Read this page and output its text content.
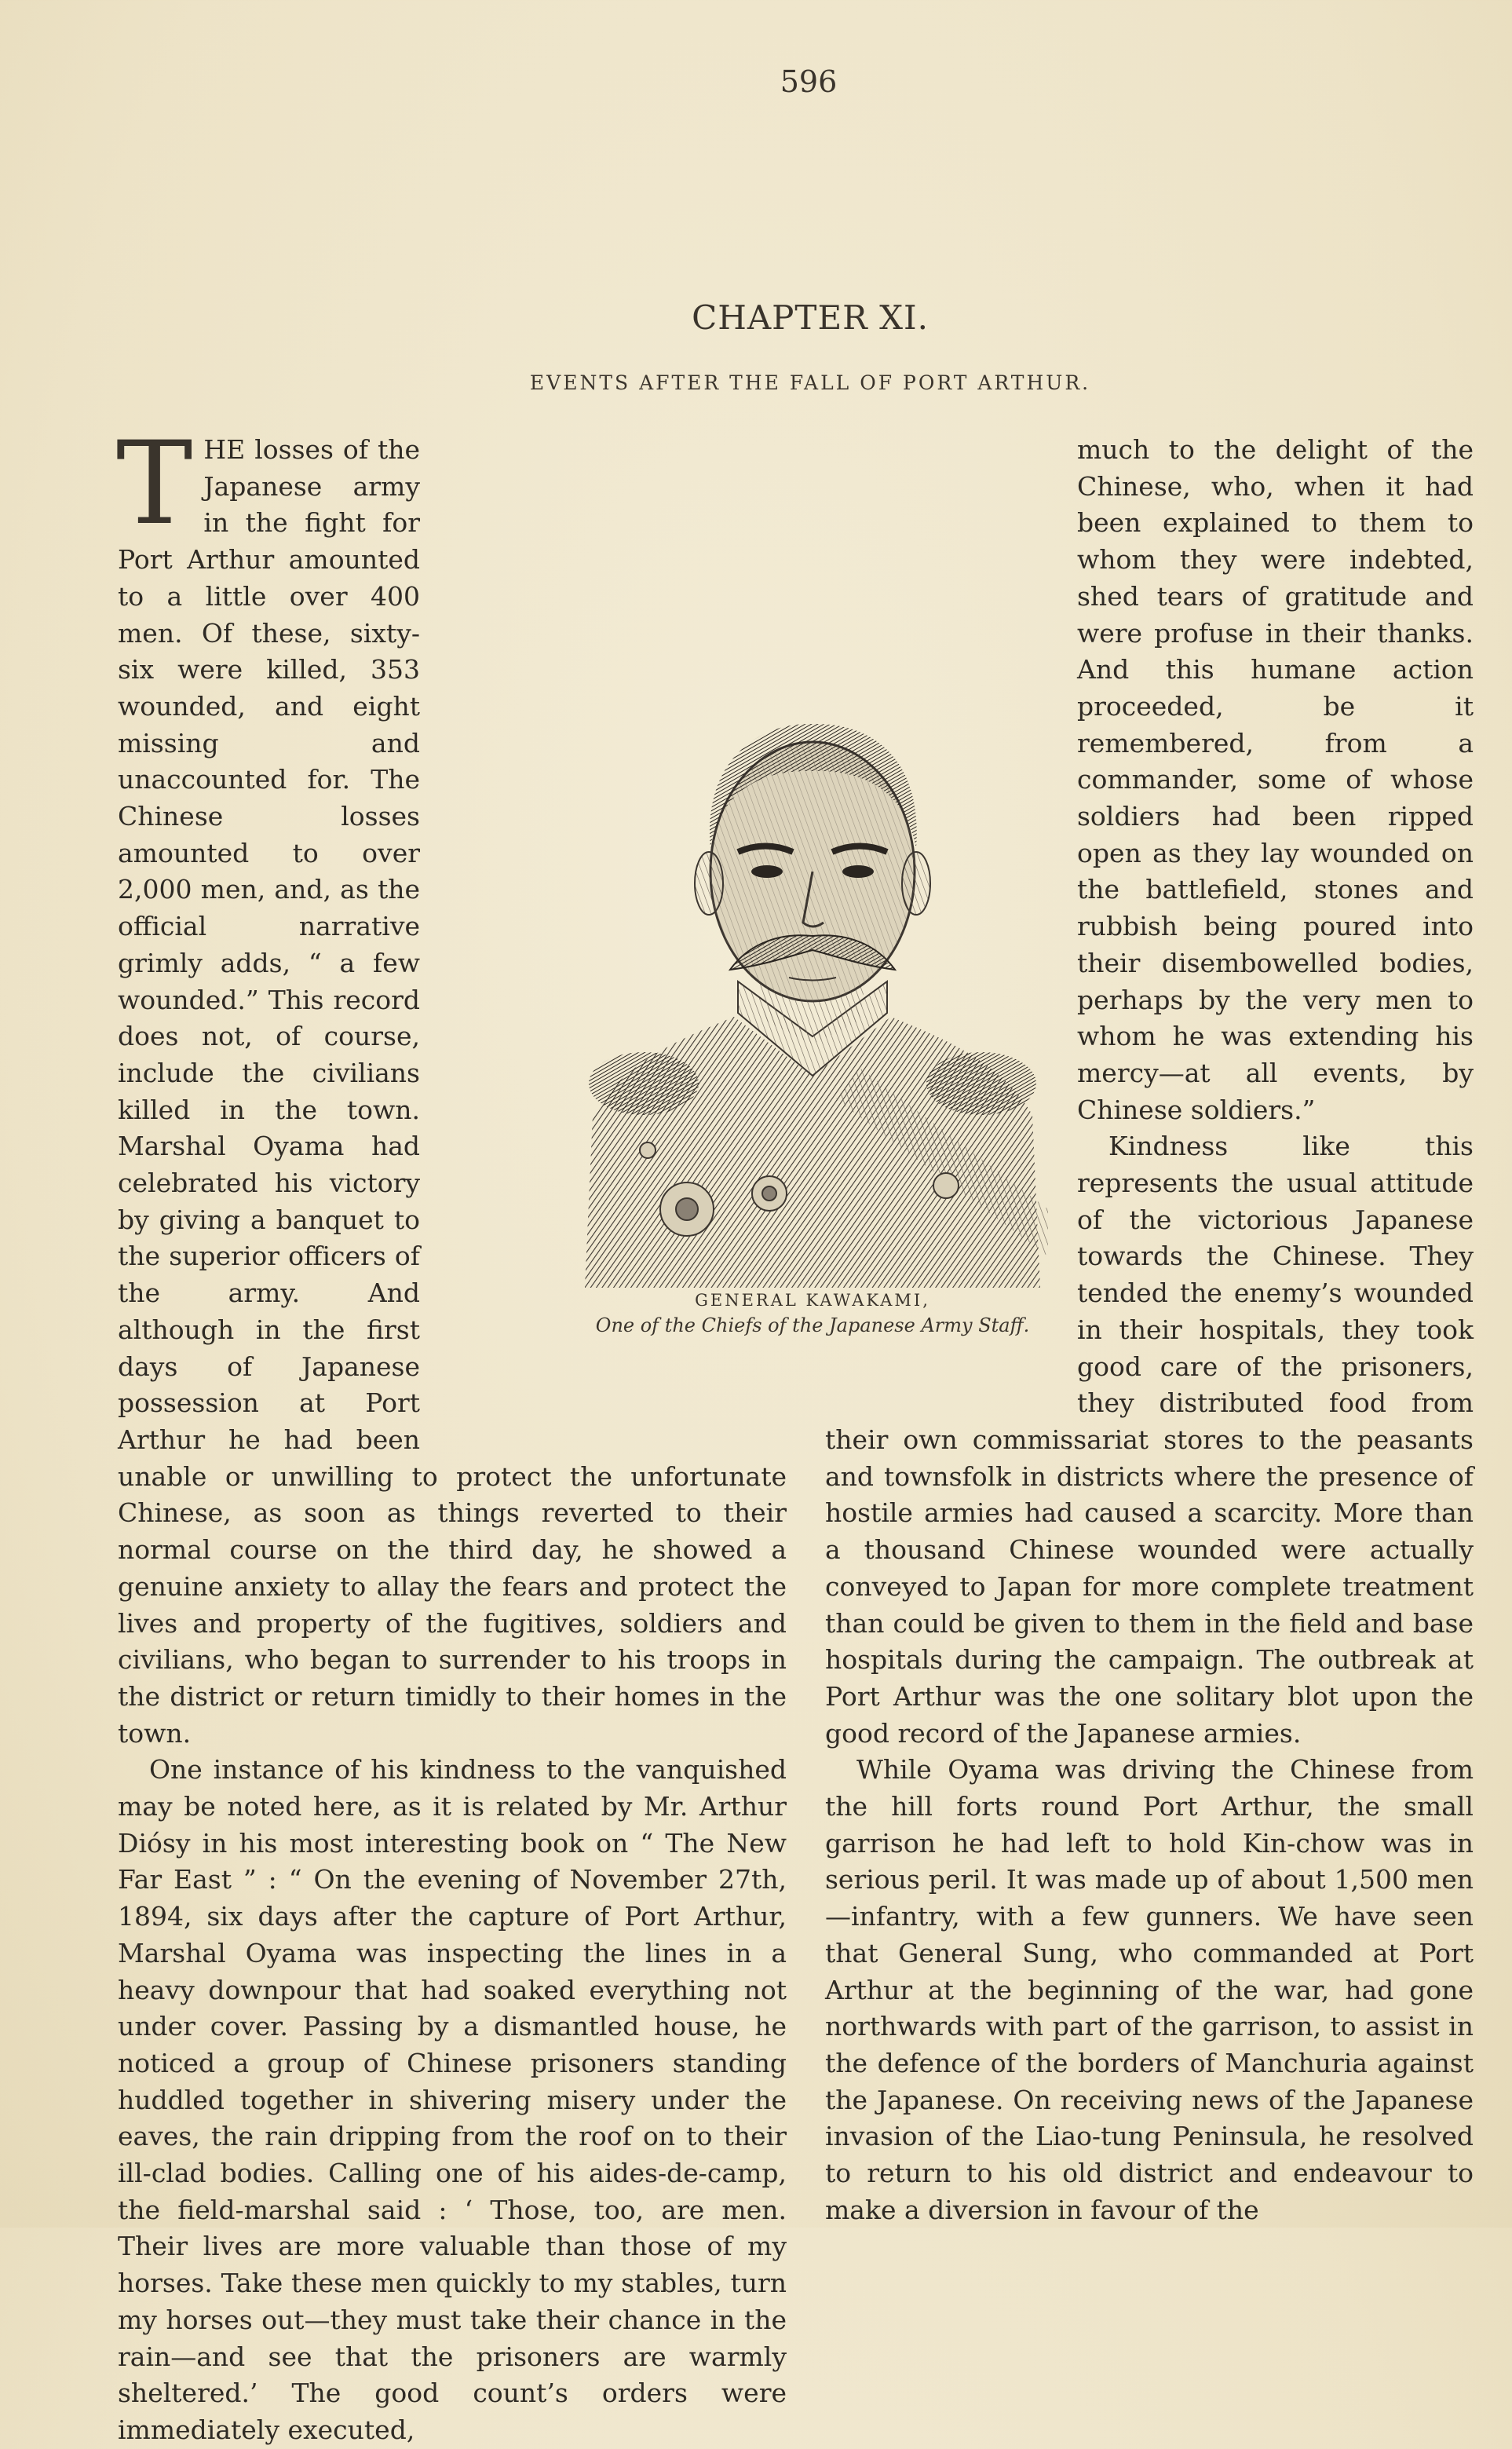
596
CHAPTER XI.
EVENTS AFTER THE FALL OF PORT ARTHUR.

T HE losses of the Japanese army in the fight for Port Arthur amounted to a little over 400 men. Of these, sixty-six were killed, 353 wounded, and eight missing and unaccounted for. The Chinese losses amounted to over 2,000 men, and, as the official narrative grimly adds, “ a few wounded.” This record does not, of course, include the civilians killed in the town. Marshal Oyama had celebrated his victory by giving a banquet to the superior officers of the army. And although in the first days of Japanese possession at Port Arthur he had been unable or unwilling to protect the unfortunate Chinese, as soon as things reverted to their normal course on the third day, he showed a genuine anxiety to allay the fears and protect the lives and property of the fugitives, soldiers and civilians, who began to surrender to his troops in the district or return timidly to their homes in the town.

One instance of his kindness to the vanquished may be noted here, as it is related by Mr. Arthur Diósy in his most interesting book on “ The New Far East ” : “ On the evening of November 27th, 1894, six days after the capture of Port Arthur, Marshal Oyama was inspecting the lines in a heavy downpour that had soaked everything not under cover. Passing by a dismantled house, he noticed a group of Chinese prisoners standing huddled together in shivering misery under the eaves, the rain dripping from the roof on to their ill-clad bodies. Calling one of his aides-de-camp, the field-marshal said : ‘ Those, too, are men. Their lives are more valuable than those of my horses. Take these men quickly to my stables, turn my horses out—they must take their chance in the rain—and see that the prisoners are warmly sheltered.’ The good count’s orders were immediately executed,

much to the delight of the Chinese, who, when it had been explained to them to whom they were indebted, shed tears of gratitude and were profuse in their thanks. And this humane action proceeded, be it remembered, from a commander, some of whose soldiers had been ripped open as they lay wounded on the battlefield, stones and rubbish being poured into their disembowelled bodies, perhaps by the very men to whom he was extending his mercy—at all events, by Chinese soldiers.”

Kindness like this represents the usual attitude of the victorious Japanese towards the Chinese. They tended the enemy’s wounded in their hospitals, they took good care of the prisoners, they distributed food from their own commissariat stores to the peasants and townsfolk in districts where the presence of hostile armies had caused a scarcity. More than a thousand Chinese wounded were actually conveyed to Japan for more complete treatment than could be given to them in the field and base hospitals during the campaign. The outbreak at Port Arthur was the one solitary blot upon the good record of the Japanese armies.

While Oyama was driving the Chinese from the hill forts round Port Arthur, the small garrison he had left to hold Kin-chow was in serious peril. It was made up of about 1,500 men—infantry, with a few gunners. We have seen that General Sung, who commanded at Port Arthur at the beginning of the war, had gone northwards with part of the garrison, to assist in the defence of the borders of Manchuria against the Japanese. On receiving news of the Japanese invasion of the Liao-tung Peninsula, he resolved to return to his old district and endeavour to make a diversion in favour of the

GENERAL KAWAKAMI,
One of the Chiefs of the Japanese Army Staff.
